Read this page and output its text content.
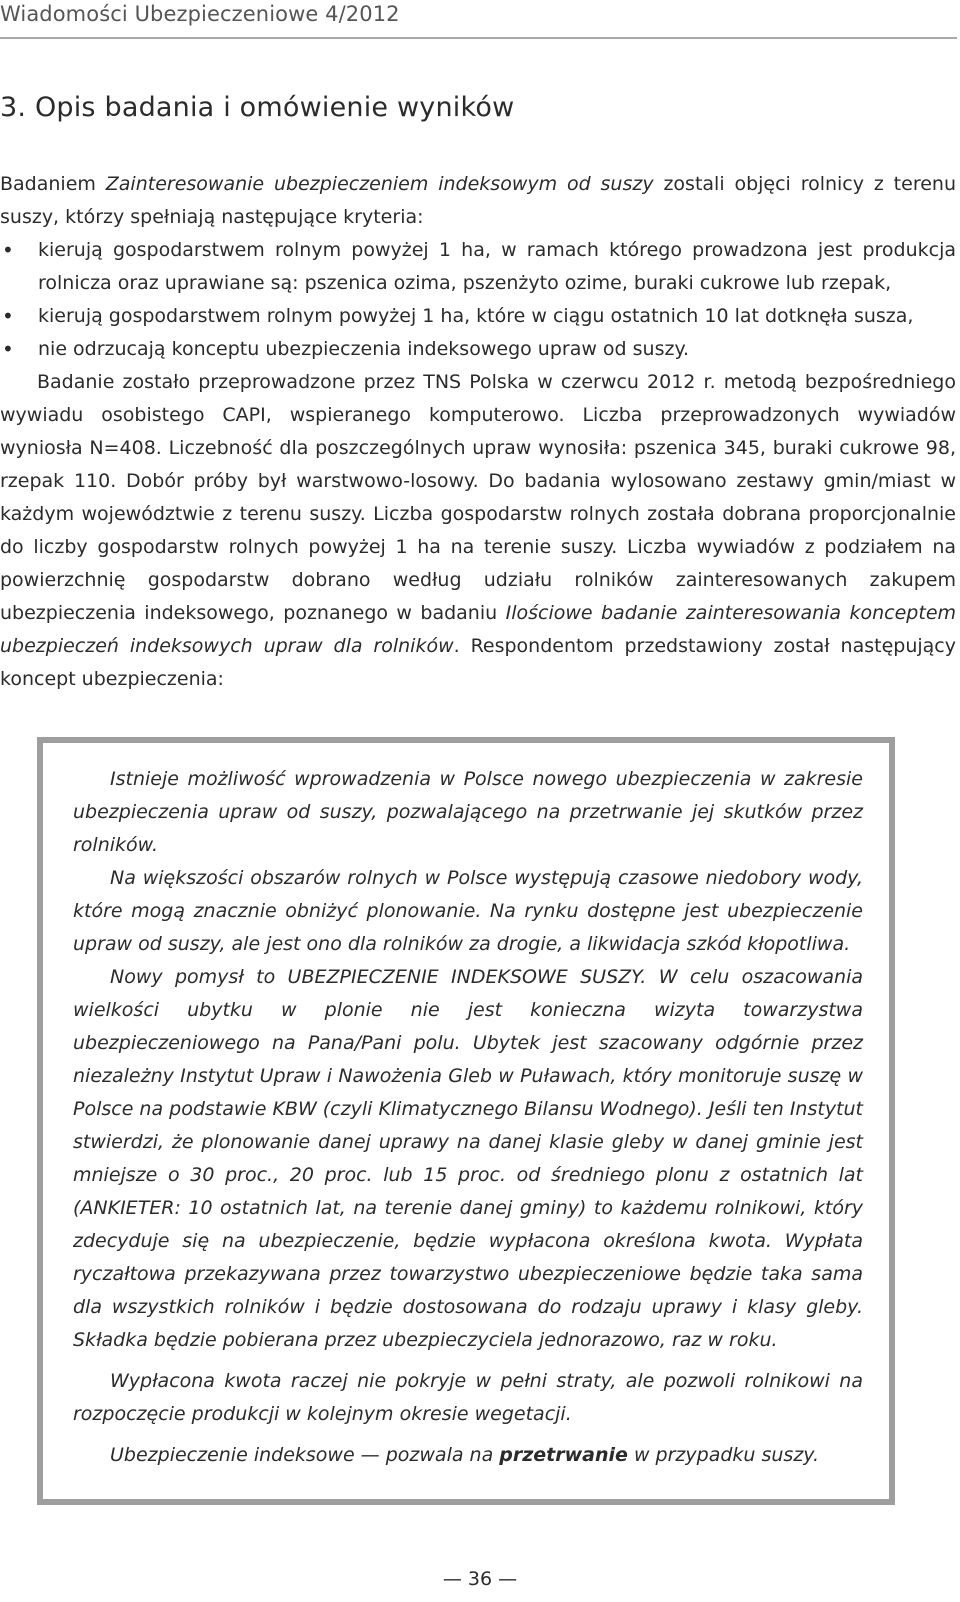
Wiadomości Ubezpieczeniowe 4/2012
3. Opis badania i omówienie wyników

Badaniem Zainteresowanie ubezpieczeniem indeksowym od suszy zostali objęci rolnicy z terenu suszy, którzy spełniają następujące kryteria:

• kierują gospodarstwem rolnym powyżej 1 ha, w ramach którego prowadzona jest produkcja rolnicza oraz uprawiane są: pszenica ozima, pszenżyto ozime, buraki cukrowe lub rzepak,
• kierują gospodarstwem rolnym powyżej 1 ha, które w ciągu ostatnich 10 lat dotknęła susza,
• nie odrzucają konceptu ubezpieczenia indeksowego upraw od suszy.

Badanie zostało przeprowadzone przez TNS Polska w czerwcu 2012 r. metodą bezpośredniego wywiadu osobistego CAPI, wspieranego komputerowo. Liczba przeprowadzonych wywiadów wyniosła N=408. Liczebność dla poszczególnych upraw wynosiła: pszenica 345, buraki cukrowe 98, rzepak 110. Dobór próby był warstwowo-losowy. Do badania wylosowano zestawy gmin/miast w każdym województwie z terenu suszy. Liczba gospodarstw rolnych została dobrana proporcjonalnie do liczby gospodarstw rolnych powyżej 1 ha na terenie suszy. Liczba wywiadów z podziałem na powierzchnię gospodarstw dobrano według udziału rolników zainteresowanych zakupem ubezpieczenia indeksowego, poznanego w badaniu Ilościowe badanie zainteresowania konceptem ubezpieczeń indeksowych upraw dla rolników. Respondentom przedstawiony został następujący koncept ubezpieczenia:

Istnieje możliwość wprowadzenia w Polsce nowego ubezpieczenia w zakresie ubezpieczenia upraw od suszy, pozwalającego na przetrwanie jej skutków przez rolników.

Na większości obszarów rolnych w Polsce występują czasowe niedobory wody, które mogą znacznie obniżyć plonowanie. Na rynku dostępne jest ubezpieczenie upraw od suszy, ale jest ono dla rolników za drogie, a likwidacja szkód kłopotliwa.

Nowy pomysł to UBEZPIECZENIE INDEKSOWE SUSZY. W celu oszacowania wielkości ubytku w plonie nie jest konieczna wizyta towarzystwa ubezpieczeniowego na Pana/Pani polu. Ubytek jest szacowany odgórnie przez niezależny Instytut Upraw i Nawożenia Gleb w Puławach, który monitoruje suszę w Polsce na podstawie KBW (czyli Klimatycznego Bilansu Wodnego). Jeśli ten Instytut stwierdzi, że plonowanie danej uprawy na danej klasie gleby w danej gminie jest mniejsze o 30 proc., 20 proc. lub 15 proc. od średniego plonu z ostatnich lat (ANKIETER: 10 ostatnich lat, na terenie danej gminy) to każdemu rolnikowi, który zdecyduje się na ubezpieczenie, będzie wypłacona określona kwota. Wypłata ryczałtowa przekazywana przez towarzystwo ubezpieczeniowe będzie taka sama dla wszystkich rolników i będzie dostosowana do rodzaju uprawy i klasy gleby. Składka będzie pobierana przez ubezpieczyciela jednorazowo, raz w roku.

Wypłacona kwota raczej nie pokryje w pełni straty, ale pozwoli rolnikowi na rozpoczęcie produkcji w kolejnym okresie wegetacji.

Ubezpieczenie indeksowe — pozwala na przetrwanie w przypadku suszy.

— 36 —
